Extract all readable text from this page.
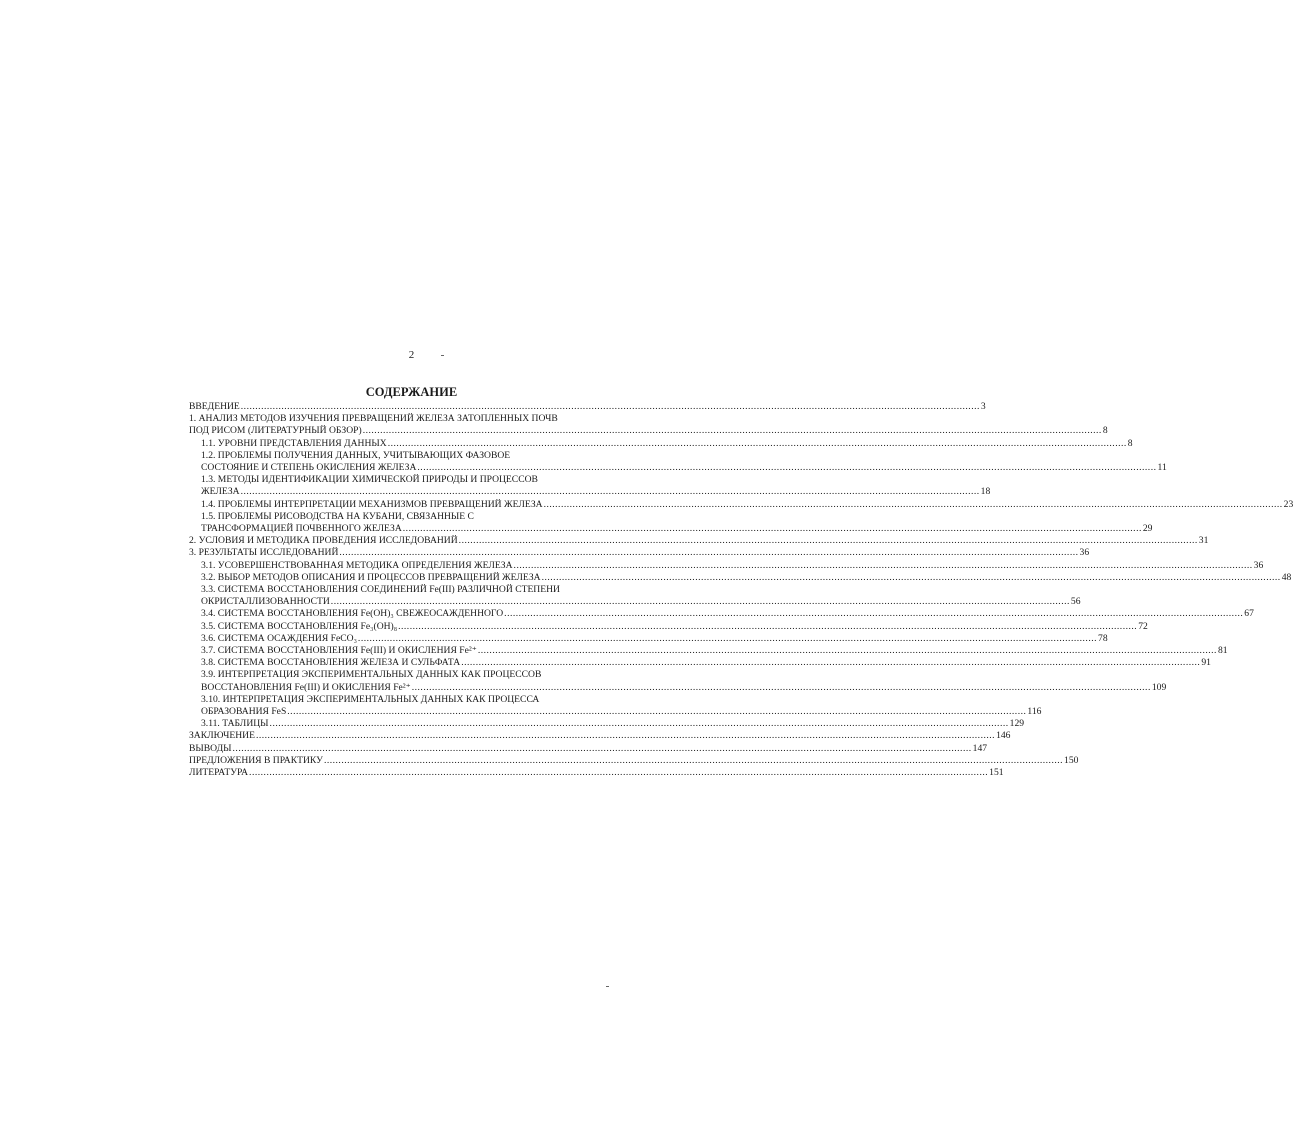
2
СОДЕРЖАНИЕ
ВВЕДЕНИЕ .....	3
1. АНАЛИЗ МЕТОДОВ ИЗУЧЕНИЯ ПРЕВРАЩЕНИЙ ЖЕЛЕЗА ЗАТОПЛЕННЫХ ПОЧВ
ПОД РИСОМ (ЛИТЕРАТУРНЫЙ ОБЗОР) .....	8
1.1. УРОВНИ ПРЕДСТАВЛЕНИЯ ДАННЫХ .....	8
1.2. ПРОБЛЕМЫ ПОЛУЧЕНИЯ ДАННЫХ, УЧИТЫВАЮЩИХ ФАЗОВОЕ
СОСТОЯНИЕ И СТЕПЕНЬ ОКИСЛЕНИЯ ЖЕЛЕЗА .....	11
1.3. МЕТОДЫ ИДЕНТИФИКАЦИИ ХИМИЧЕСКОЙ ПРИРОДЫ И ПРОЦЕССОВ
ЖЕЛЕЗА .....	18
1.4. ПРОБЛЕМЫ ИНТЕРПРЕТАЦИИ МЕХАНИЗМОВ ПРЕВРАЩЕНИЙ ЖЕЛЕЗА .....	23
1.5. ПРОБЛЕМЫ РИСОВОДСТВА НА КУБАНИ, СВЯЗАННЫЕ С
ТРАНСФОРМАЦИЕЙ ПОЧВЕННОГО ЖЕЛЕЗА .....	29
2. УСЛОВИЯ И МЕТОДИКА ПРОВЕДЕНИЯ ИССЛЕДОВАНИЙ .....	31
3. РЕЗУЛЬТАТЫ ИССЛЕДОВАНИЙ .....	36
3.1. УСОВЕРШЕНСТВОВАННАЯ МЕТОДИКА ОПРЕДЕЛЕНИЯ ЖЕЛЕЗА .....	36
3.2. ВЫБОР МЕТОДОВ ОПИСАНИЯ И ПРОЦЕССОВ ПРЕВРАЩЕНИЙ ЖЕЛЕЗА .....	48
3.3. СИСТЕМА ВОССТАНОВЛЕНИЯ СОЕДИНЕНИЙ Fe(III) РАЗЛИЧНОЙ СТЕПЕНИ
ОКРИСТАЛЛИЗОВАННОСТИ .....	56
3.4. СИСТЕМА ВОССТАНОВЛЕНИЯ Fe(OH)₃ СВЕЖЕОСАЖДЕННОГО .....	67
3.5. СИСТЕМА ВОССТАНОВЛЕНИЯ Fe₃(OH)₈ .....	72
3.6. СИСТЕМА ОСАЖДЕНИЯ FeCO₃ .....	78
3.7. СИСТЕМА ВОССТАНОВЛЕНИЯ Fe(III) И ОКИСЛЕНИЯ Fe²⁺ .....	81
3.8. СИСТЕМА ВОССТАНОВЛЕНИЯ ЖЕЛЕЗА И СУЛЬФАТА .....	91
3.9. ИНТЕРПРЕТАЦИЯ ЭКСПЕРИМЕНТАЛЬНЫХ ДАННЫХ КАК ПРОЦЕССОВ
ВОССТАНОВЛЕНИЯ Fe(III) И ОКИСЛЕНИЯ Fe²⁺ .....	109
3.10. ИНТЕРПРЕТАЦИЯ ЭКСПЕРИМЕНТАЛЬНЫХ ДАННЫХ КАК ПРОЦЕССА
ОБРАЗОВАНИЯ FeS .....	116
3.11. ТАБЛИЦЫ .....	129
ЗАКЛЮЧЕНИЕ .....	146
ВЫВОДЫ .....	147
ПРЕДЛОЖЕНИЯ В ПРАКТИКУ .....	150
ЛИТЕРАТУРА .....	151
